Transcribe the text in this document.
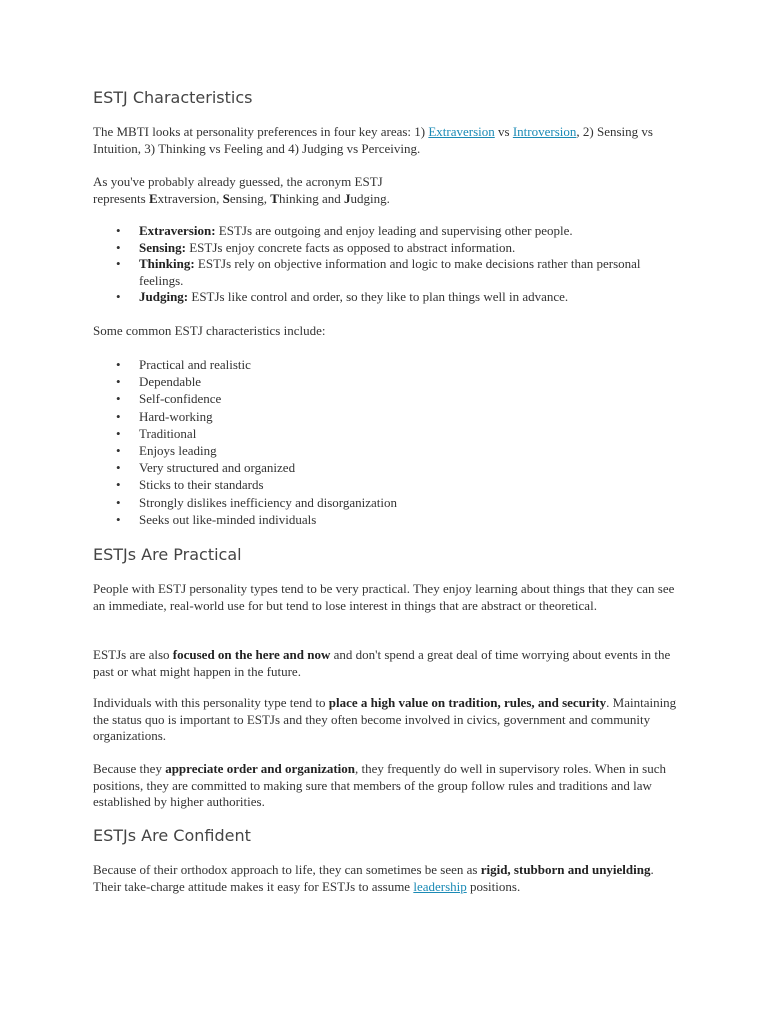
ESTJ Characteristics

The MBTI looks at personality preferences in four key areas: 1) Extraversion vs Introversion, 2) Sensing vs Intuition, 3) Thinking vs Feeling and 4) Judging vs Perceiving.

As you've probably already guessed, the acronym ESTJ represents Extraversion, Sensing, Thinking and Judging.

• Extraversion: ESTJs are outgoing and enjoy leading and supervising other people.
• Sensing: ESTJs enjoy concrete facts as opposed to abstract information.
• Thinking: ESTJs rely on objective information and logic to make decisions rather than personal feelings.
• Judging: ESTJs like control and order, so they like to plan things well in advance.

Some common ESTJ characteristics include:

• Practical and realistic
• Dependable
• Self-confidence
• Hard-working
• Traditional
• Enjoys leading
• Very structured and organized
• Sticks to their standards
• Strongly dislikes inefficiency and disorganization
• Seeks out like-minded individuals
ESTJs Are Practical

People with ESTJ personality types tend to be very practical. They enjoy learning about things that they can see an immediate, real-world use for but tend to lose interest in things that are abstract or theoretical.

ESTJs are also focused on the here and now and don't spend a great deal of time worrying about events in the past or what might happen in the future.

Individuals with this personality type tend to place a high value on tradition, rules, and security. Maintaining the status quo is important to ESTJs and they often become involved in civics, government and community organizations.

Because they appreciate order and organization, they frequently do well in supervisory roles. When in such positions, they are committed to making sure that members of the group follow rules and traditions and law established by higher authorities.

ESTJs Are Confident

Because of their orthodox approach to life, they can sometimes be seen as rigid, stubborn and unyielding. Their take-charge attitude makes it easy for ESTJs to assume leadership positions.
